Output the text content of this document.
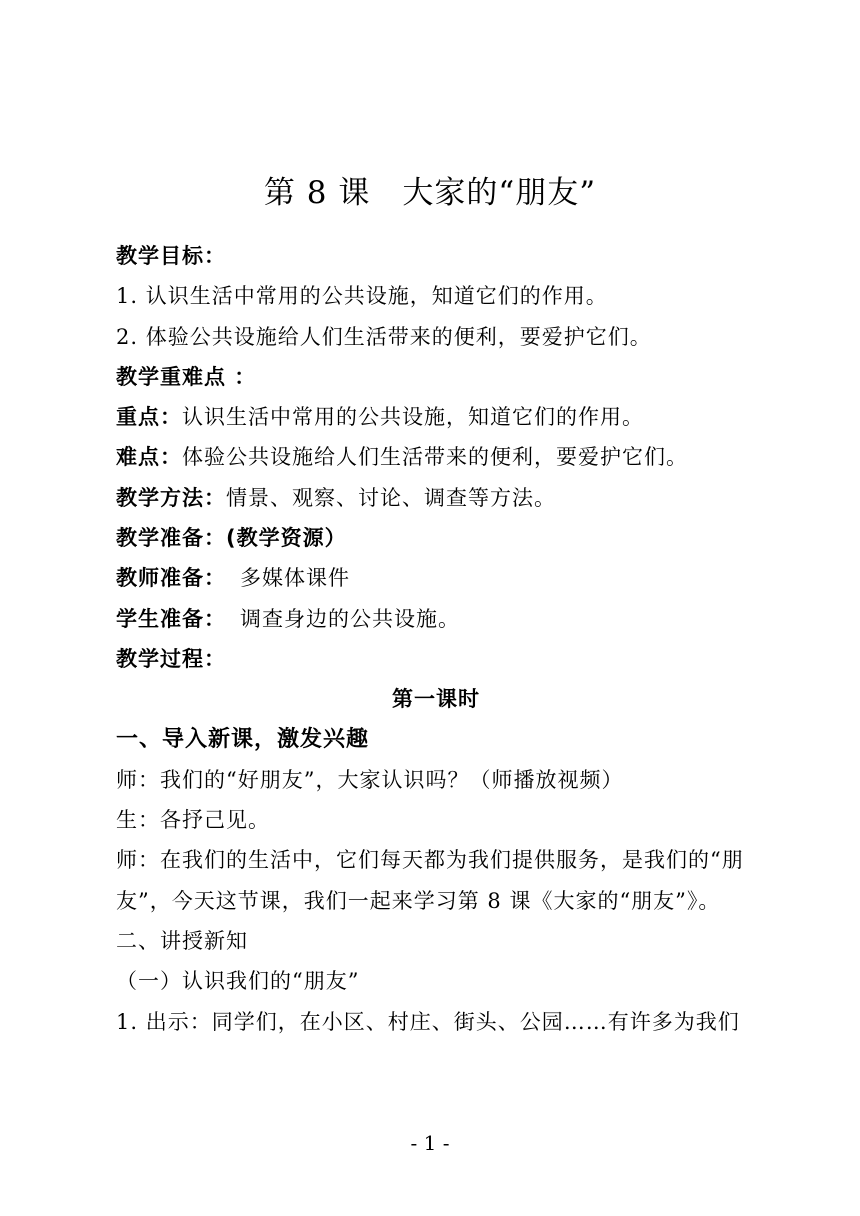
第 8 课　大家的“朋友”
教学目标：
1. 认识生活中常用的公共设施，知道它们的作用。
2. 体验公共设施给人们生活带来的便利，要爱护它们。
教学重难点 ：
重点：认识生活中常用的公共设施，知道它们的作用。
难点：体验公共设施给人们生活带来的便利，要爱护它们。
教学方法：情景、观察、讨论、调查等方法。
教学准备：(教学资源）
教师准备： 多媒体课件
学生准备： 调查身边的公共设施。
教学过程：
第一课时
一、导入新课，激发兴趣
师：我们的“好朋友”，大家认识吗？（师播放视频）
生：各抒己见。
师：在我们的生活中，它们每天都为我们提供服务，是我们的“朋
友”，今天这节课，我们一起来学习第 8 课《大家的“朋友”》。
二、讲授新知
（一）认识我们的“朋友”
1. 出示：同学们，在小区、村庄、街头、公园……有许多为我们
- 1 -
